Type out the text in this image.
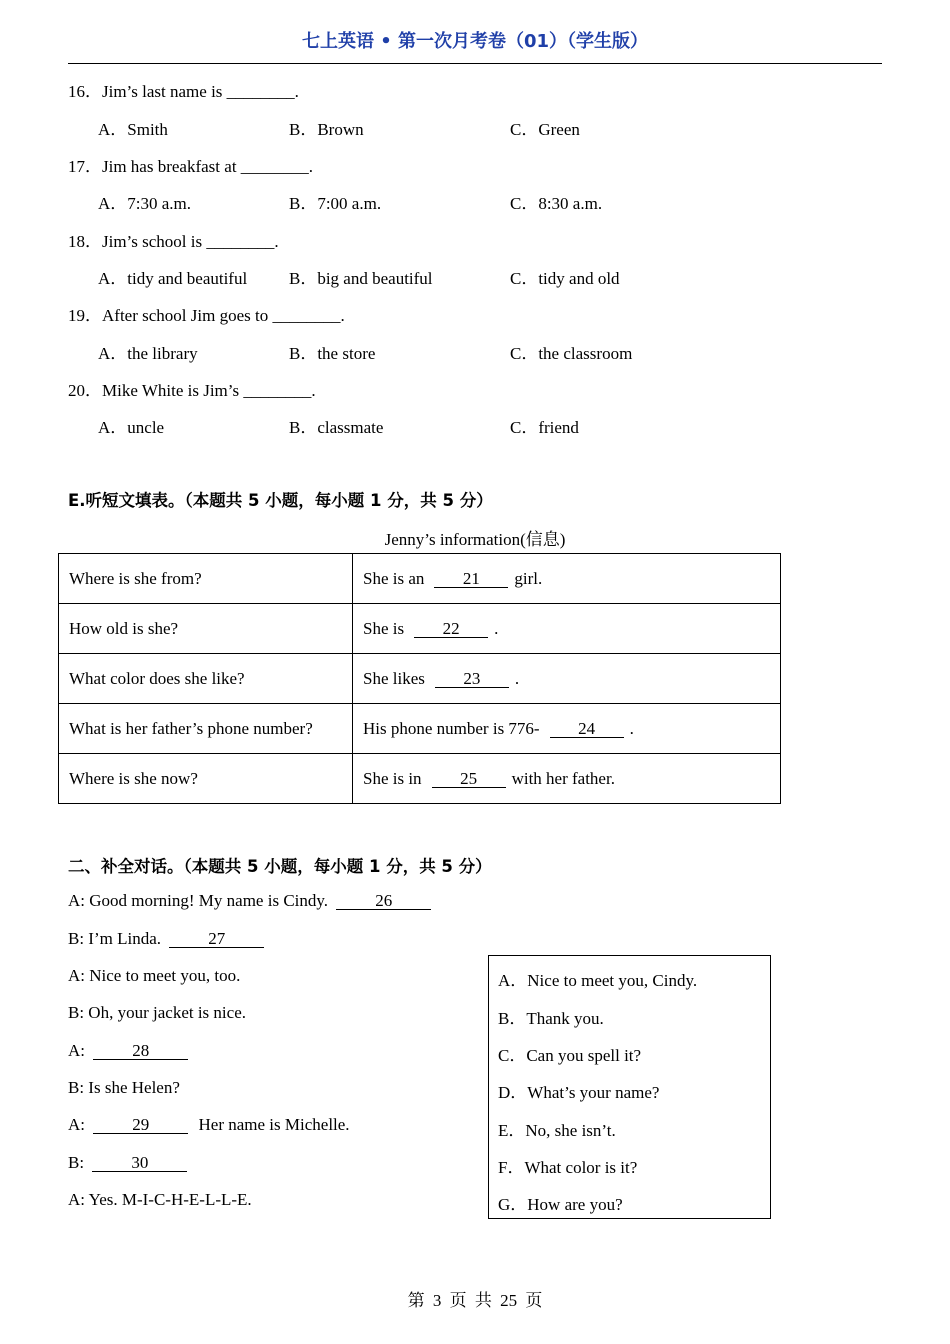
七上英语 • 第一次月考卷（01）（学生版）
16．Jim’s last name is ________.
A．Smith	B．Brown	C．Green
17．Jim has breakfast at ________.
A．7:30 a.m.	B．7:00 a.m.	C．8:30 a.m.
18．Jim’s school is ________.
A．tidy and beautiful B．big and beautiful	C．tidy and old
19．After school Jim goes to ________.
A．the library	B．the store	C．the classroom
20．Mike White is Jim’s ________.
A．uncle	B．classmate	C．friend
E.听短文填表。（本题共 5 小题，每小题 1 分，共 5 分）
Jenny’s information(信息)
Where is she from?	She is an 21 girl.
How old is she?	She is 22 .
What color does she like?	She likes 23 .
What is her father’s phone number?	His phone number is 776- 24 .
Where is she now?	She is in 25 with her father.
二、补全对话。（本题共 5 小题，每小题 1 分，共 5 分）
A: Good morning! My name is Cindy.	26
B: I’m Linda.	27
A: Nice to meet you, too.
B: Oh, your jacket is nice.
A:	28
B: Is she Helen?
A:	29	Her name is Michelle.
B:	30
A: Yes. M-I-C-H-E-L-L-E.
A．Nice to meet you, Cindy.
B．Thank you.
C．Can you spell it?
D．What’s your name?
E．No, she isn’t.
F．What color is it?
G．How are you?
第 3 页 共 25 页
